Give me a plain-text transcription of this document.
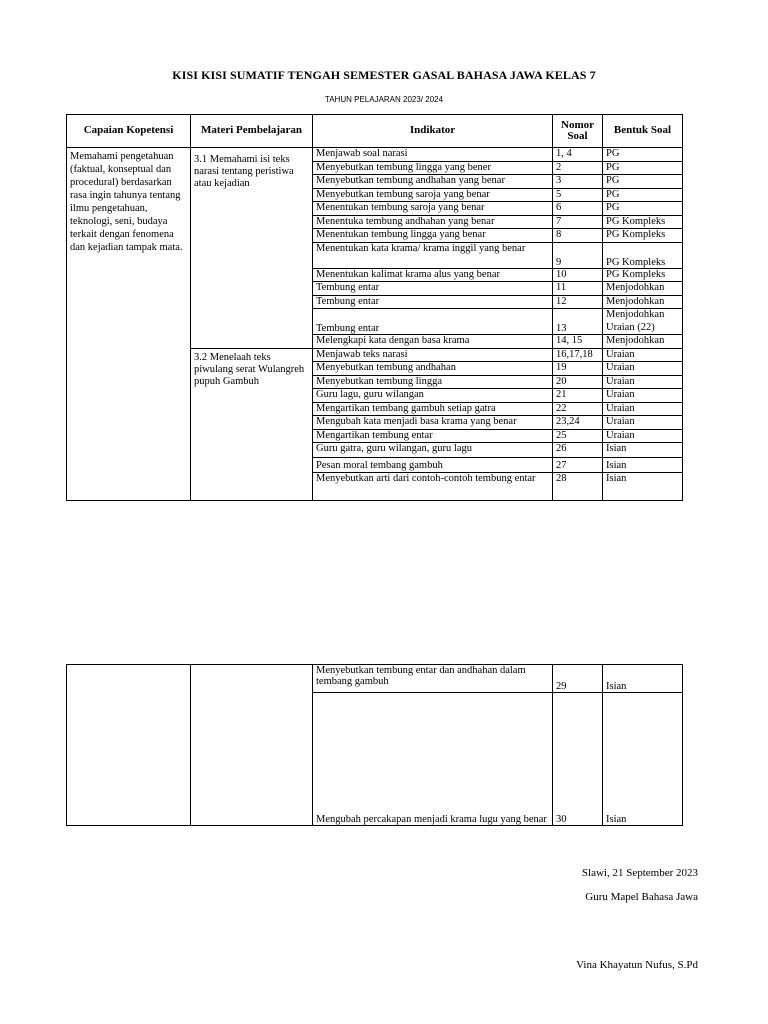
KISI KISI SUMATIF TENGAH SEMESTER GASAL BAHASA JAWA KELAS 7
TAHUN PELAJARAN 2023/ 2024
Capaian Kopetensi	Materi Pembelajaran	Indikator	Nomor Soal	Bentuk Soal

Memahami pengetahuan (faktual, konseptual dan procedural) berdasarkan rasa ingin tahunya tentang ilmu pengetahuan, teknologi, seni, budaya terkait dengan fenomena dan kejadian tampak mata.	3.1 Memahami isi teks narasi tentang peristiwa atau kejadian	Menjawab soal narasi	1, 4	PG
		Menyebutkan tembung lingga yang bener	2	PG
		Menyebutkan tembung andhahan yang benar	3	PG
		Menyebutkan tembung saroja yang benar	5	PG
		Menentukan tembung saroja yang benar	6	PG
		Menentuka tembung andhahan yang benar	7	PG Kompleks
		Menentukan tembung lingga yang benar	8	PG Kompleks
		Menentukan kata krama/ krama inggil yang benar	9	PG Kompleks
		Menentukan kalimat krama alus yang benar	10	PG Kompleks
		Tembung entar	11	Menjodohkan
		Tembung entar	12	Menjodohkan
		Tembung entar	13	Menjodohkan Uraian (22)
		Melengkapi kata dengan basa krama	14, 15	Menjodohkan

	3.2 Menelaah teks piwulang serat Wulangreh pupuh Gambuh	Menjawab teks narasi	16,17,18	Uraian
		Menyebutkan tembung andhahan	19	Uraian
		Menyebutkan tembung lingga	20	Uraian
		Guru lagu, guru wilangan	21	Uraian
		Mengartikan tembang gambuh setiap gatra	22	Uraian
		Mengubah kata menjadi basa krama yang benar	23,24	Uraian
		Mengartikan tembung entar	25	Uraian
		Guru gatra, guru wilangan, guru lagu	26	Isian
		Pesan moral tembang gambuh	27	Isian
		Menyebutkan arti dari contoh-contoh tembung entar	28	Isian
		Menyebutkan tembung entar dan andhahan dalam tembang gambuh	29	Isian
		Mengubah percakapan menjadi krama lugu yang benar	30	Isian
Slawi, 21 September 2023
Guru Mapel Bahasa Jawa
Vina Khayatun Nufus, S.Pd
